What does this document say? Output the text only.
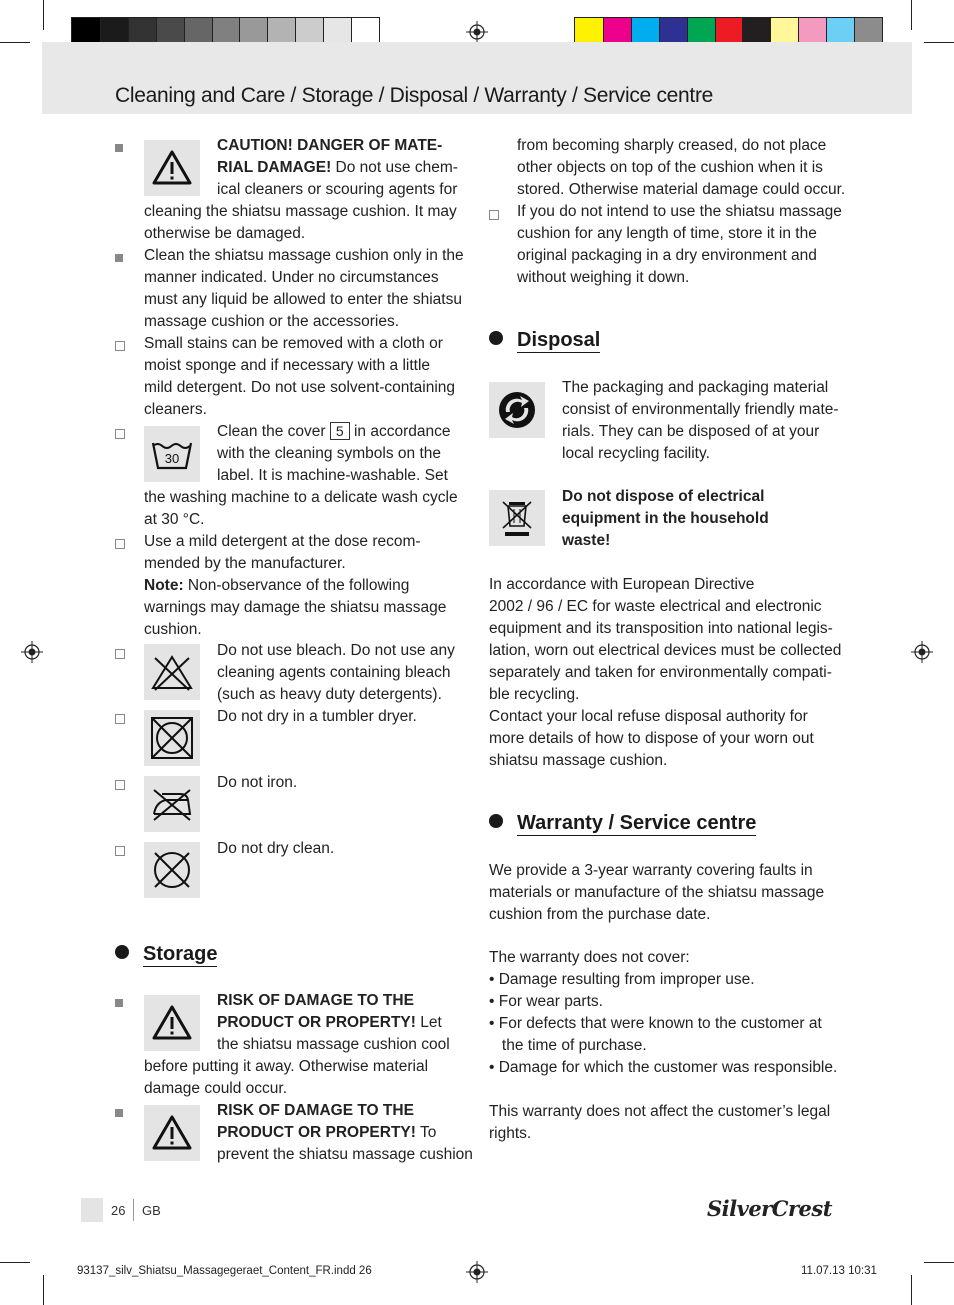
Cleaning and Care / Storage / Disposal / Warranty / Service centre
CAUTION! DANGER OF MATE-
RIAL DAMAGE! Do not use chem-
ical cleaners or scouring agents for
cleaning the shiatsu massage cushion. It may
otherwise be damaged.
Clean the shiatsu massage cushion only in the
manner indicated. Under no circumstances
must any liquid be allowed to enter the shiatsu
massage cushion or the accessories.
Small stains can be removed with a cloth or
moist sponge and if necessary with a little
mild detergent. Do not use solvent-containing
cleaners.
30
Clean the cover 5 in accordance
with the cleaning symbols on the
label. It is machine-washable. Set
the washing machine to a delicate wash cycle
at 30 °C.
Use a mild detergent at the dose recom-
mended by the manufacturer.
Note: Non-observance of the following
warnings may damage the shiatsu massage
cushion.
Do not use bleach. Do not use any
cleaning agents containing bleach
(such as heavy duty detergents).
Do not dry in a tumbler dryer.
Do not iron.
Do not dry clean.
Storage
RISK OF DAMAGE TO THE
PRODUCT OR PROPERTY! Let
the shiatsu massage cushion cool
before putting it away. Otherwise material
damage could occur.
RISK OF DAMAGE TO THE
PRODUCT OR PROPERTY! To
prevent the shiatsu massage cushion
from becoming sharply creased, do not place
other objects on top of the cushion when it is
stored. Otherwise material damage could occur.
If you do not intend to use the shiatsu massage
cushion for any length of time, store it in the
original packaging in a dry environment and
without weighing it down.
Disposal
The packaging and packaging material
consist of environmentally friendly mate-
rials. They can be disposed of at your
local recycling facility.
Do not dispose of electrical
equipment in the household
waste!
In accordance with European Directive
2002 / 96 / EC for waste electrical and electronic
equipment and its transposition into national legis-
lation, worn out electrical devices must be collected
separately and taken for environmentally compati-
ble recycling.
Contact your local refuse disposal authority for
more details of how to dispose of your worn out
shiatsu massage cushion.
Warranty / Service centre
We provide a 3-year warranty covering faults in
materials or manufacture of the shiatsu massage
cushion from the purchase date.
The warranty does not cover:
• Damage resulting from improper use.
• For wear parts.
• For defects that were known to the customer at
the time of purchase.
• Damage for which the customer was responsible.
This warranty does not affect the customer’s legal
rights.
26 GB	SilverCrest
93137_silv_Shiatsu_Massagegeraet_Content_FR.indd 26	11.07.13 10:31
